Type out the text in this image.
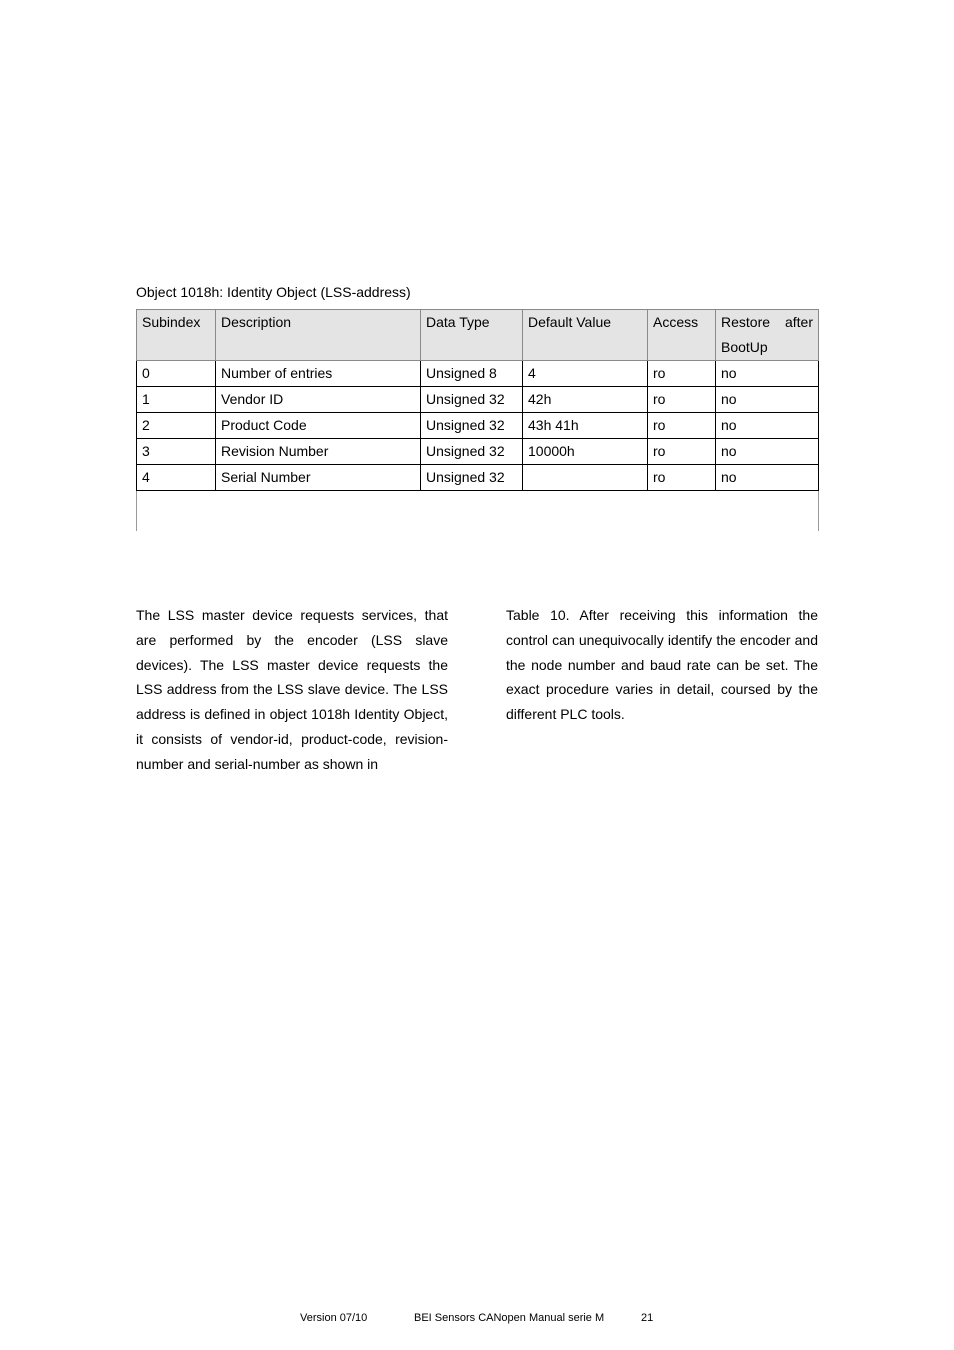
Object 1018h: Identity Object (LSS-address)

Subindex	Description	Data Type	Default Value	Access	Restore after BootUp
0	Number of entries	Unsigned 8	4	ro	no
1	Vendor ID	Unsigned 32	42h	ro	no
2	Product Code	Unsigned 32	43h 41h	ro	no
3	Revision Number	Unsigned 32	10000h	ro	no
4	Serial Number	Unsigned 32		ro	no

The LSS master device requests services, that are performed by the encoder (LSS slave devices). The LSS master device requests the LSS address from the LSS slave device. The LSS address is defined in object 1018h Identity Object, it consists of vendor-id, product-code, revision-number and serial-number as shown in

Table 10. After receiving this information the control can unequivocally identify the encoder and the node number and baud rate can be set. The exact procedure varies in detail, coursed by the different PLC tools.

Version 07/10	BEI Sensors CANopen Manual serie M	21
